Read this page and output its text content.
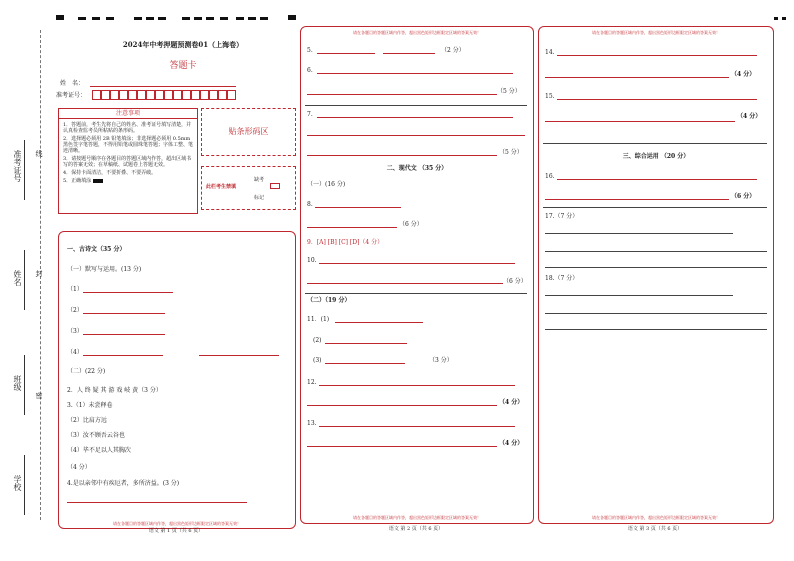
准考证号
姓名
班级
学校
线
封
密
2024年中考押题预测卷01（上海卷）
答题卡
姓　名：
准考证号：
注意事项
1．答题前，考生先将自己的姓名、准考证号填写清楚，并认真检查监考员所粘贴的条形码。
2．选择题必须用 2B 铅笔填涂；非选择题必须用 0.5mm 黑色签字笔答题，不得用铅笔或圆珠笔答题；字体工整、笔迹清晰。
3．请按题号顺序在各题目的答题区域内作答，超出区域书写的答案无效；在草稿纸、试题卷上答题无效。
4．保持卡面清洁，不要折叠、不要弄破。
5．正确填涂
贴条形码区
此栏考生禁填
缺考
标记
一、古诗文（35 分）
（一）默写与运用。(13 分)
（1）
（2）
（3）
（4）
（二）(22 分)
2．人 终 疑 其 游 戏 岐 黄（3 分）
3.（1）未尝释卷
（2）比肩方远
（3）汝不顾吾云谷也
（4）毕不足以人其胸次
（4 分）
4.是以亲邻中有疾厄者，多所济益。(3 分)
请在各题目的答题区域内作答，超出黑色矩形边框限定区域的答案无效！
语文 第 1 页（共 6 页）
请在各题目的答题区域内作答，超出黑色矩形边框限定区域的答案无效！
5.	（2 分）
6.
（5 分）
7.
（5 分）
二、现代文 （35 分）
（一）(16 分)
8.
（6 分）
9．[A] [B] [C] [D]（4 分）
10.
（6 分）
（二）（19 分）
11．(1)
(2)
(3)	（3 分）
12.
（4 分）
13.
（4 分）
请在各题目的答题区域内作答，超出黑色矩形边框限定区域的答案无效！
语文 第 2 页（共 6 页）
请在各题目的答题区域内作答，超出黑色矩形边框限定区域的答案无效！
14.
（4 分）
15.
（4 分）
三、综合运用 （20 分）
16.
（6 分）
17.（7 分）
18.（7 分）
请在各题目的答题区域内作答，超出黑色矩形边框限定区域的答案无效！
语文 第 3 页（共 6 页）
